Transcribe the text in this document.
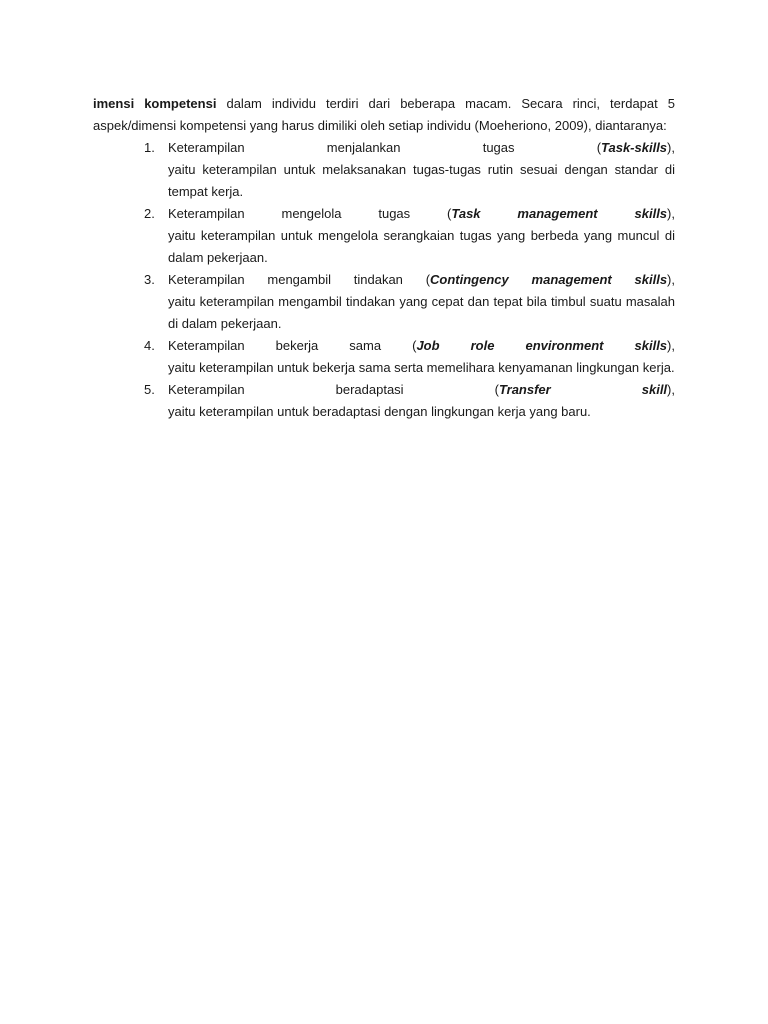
imensi kompetensi dalam individu terdiri dari beberapa macam. Secara rinci, terdapat 5 aspek/dimensi kompetensi yang harus dimiliki oleh setiap individu (Moeheriono, 2009), diantaranya:

1. Keterampilan menjalankan tugas (Task-skills),
yaitu keterampilan untuk melaksanakan tugas-tugas rutin sesuai dengan standar di tempat kerja.
2. Keterampilan mengelola tugas (Task management skills),
yaitu keterampilan untuk mengelola serangkaian tugas yang berbeda yang muncul di dalam pekerjaan.
3. Keterampilan mengambil tindakan (Contingency management skills),
yaitu keterampilan mengambil tindakan yang cepat dan tepat bila timbul suatu masalah di dalam pekerjaan.
4. Keterampilan bekerja sama (Job role environment skills),
yaitu keterampilan untuk bekerja sama serta memelihara kenyamanan lingkungan kerja.
5. Keterampilan beradaptasi (Transfer skill),
yaitu keterampilan untuk beradaptasi dengan lingkungan kerja yang baru.
